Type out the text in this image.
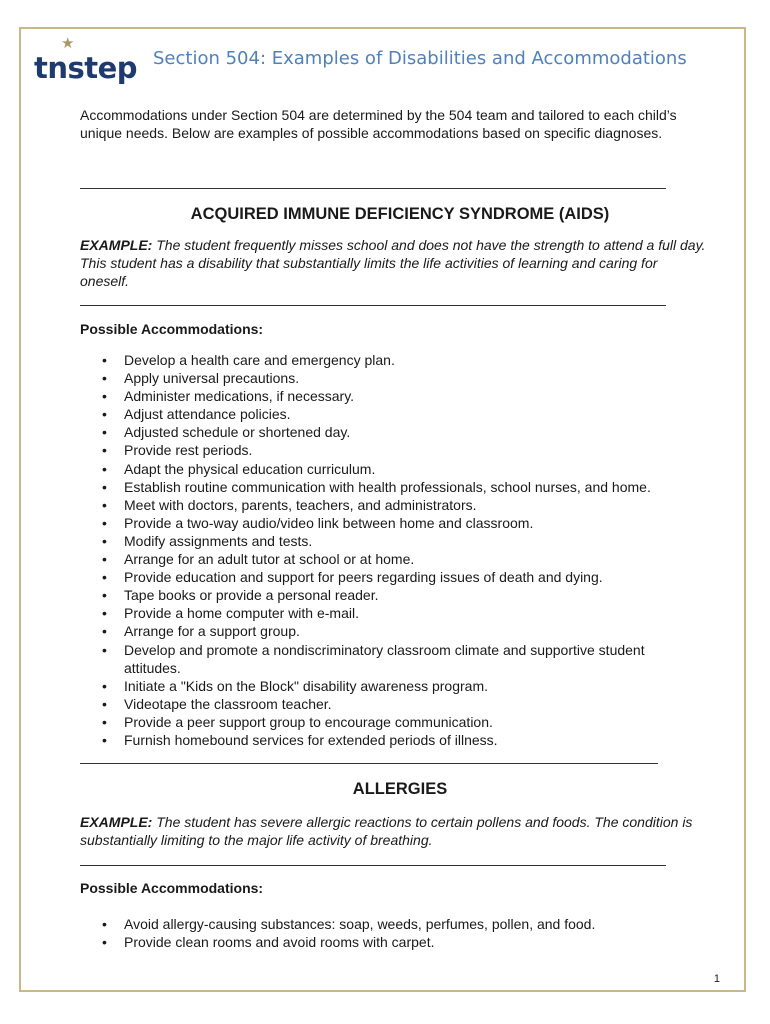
★
tnstep Section 504: Examples of Disabilities and Accommodations

Accommodations under Section 504 are determined by the 504 team and tailored to each child’s unique needs. Below are examples of possible accommodations based on specific diagnoses.

ACQUIRED IMMUNE DEFICIENCY SYNDROME (AIDS)

EXAMPLE: The student frequently misses school and does not have the strength to attend a full day. This student has a disability that substantially limits the life activities of learning and caring for oneself.

Possible Accommodations:

• Develop a health care and emergency plan.
• Apply universal precautions.
• Administer medications, if necessary.
• Adjust attendance policies.
• Adjusted schedule or shortened day.
• Provide rest periods.
• Adapt the physical education curriculum.
• Establish routine communication with health professionals, school nurses, and home.
• Meet with doctors, parents, teachers, and administrators.
• Provide a two-way audio/video link between home and classroom.
• Modify assignments and tests.
• Arrange for an adult tutor at school or at home.
• Provide education and support for peers regarding issues of death and dying.
• Tape books or provide a personal reader.
• Provide a home computer with e-mail.
• Arrange for a support group.
• Develop and promote a nondiscriminatory classroom climate and supportive student attitudes.
• Initiate a "Kids on the Block" disability awareness program.
• Videotape the classroom teacher.
• Provide a peer support group to encourage communication.
• Furnish homebound services for extended periods of illness.
ALLERGIES

EXAMPLE: The student has severe allergic reactions to certain pollens and foods. The condition is substantially limiting to the major life activity of breathing.

Possible Accommodations:

• Avoid allergy-causing substances: soap, weeds, perfumes, pollen, and food.
• Provide clean rooms and avoid rooms with carpet.
1
